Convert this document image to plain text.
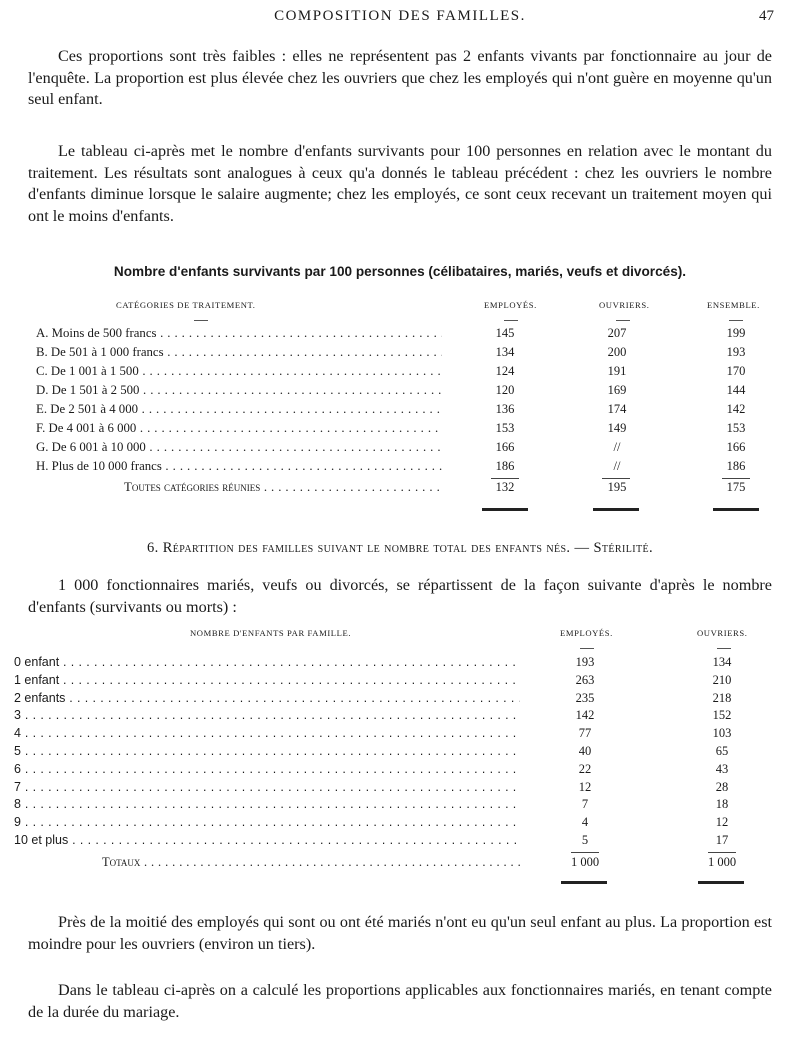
COMPOSITION DES FAMILLES.	47

Ces proportions sont très faibles : elles ne représentent pas 2 enfants vivants par fonctionnaire au jour de l'enquête. La proportion est plus élevée chez les ouvriers que chez les employés qui n'ont guère en moyenne qu'un seul enfant.

Le tableau ci-après met le nombre d'enfants survivants pour 100 personnes en relation avec le montant du traitement. Les résultats sont analogues à ceux qu'a donnés le tableau précédent : chez les ouvriers le nombre d'enfants diminue lorsque le salaire augmente; chez les employés, ce sont ceux recevant un traitement moyen qui ont le moins d'enfants.

Nombre d'enfants survivants par 100 personnes (célibataires, mariés, veufs et divorcés).
CATÉGORIES DE TRAITEMENT.	EMPLOYÉS.	OUVRIERS.	ENSEMBLE.
A. Moins de 500 francs . . .	145	207	199
B. De 501 à 1 000 francs . . .	134	200	193
C. De 1 001 à 1 500 . . .	124	191	170
D. De 1 501 à 2 500 . . .	120	169	144
E. De 2 501 à 4 000 . . .	136	174	142
F. De 4 001 à 6 000 . . .	153	149	153
G. De 6 001 à 10 000 . . .	166	//	166
H. Plus de 10 000 francs . . .	186	//	186
Toutes catégories réunies . . .	132	195	175
6. Répartition des familles suivant le nombre total des enfants nés. — Stérilité.

1 000 fonctionnaires mariés, veufs ou divorcés, se répartissent de la façon suivante d'après le nombre d'enfants (survivants ou morts) :

NOMBRE D'ENFANTS PAR FAMILLE.	EMPLOYÉS.	OUVRIERS.
0 enfant . . .	193	134
1 enfant . . .	263	210
2 enfants . . .	235	218
3 . . .	142	152
4 . . .	77	103
5 . . .	40	65
6 . . .	22	43
7 . . .	12	28
8 . . .	7	18
9 . . .	4	12
10 et plus . . .	5	17
Totaux . . .	1 000	1 000

Près de la moitié des employés qui sont ou ont été mariés n'ont eu qu'un seul enfant au plus. La proportion est moindre pour les ouvriers (environ un tiers).

Dans le tableau ci-après on a calculé les proportions applicables aux fonctionnaires mariés, en tenant compte de la durée du mariage.
